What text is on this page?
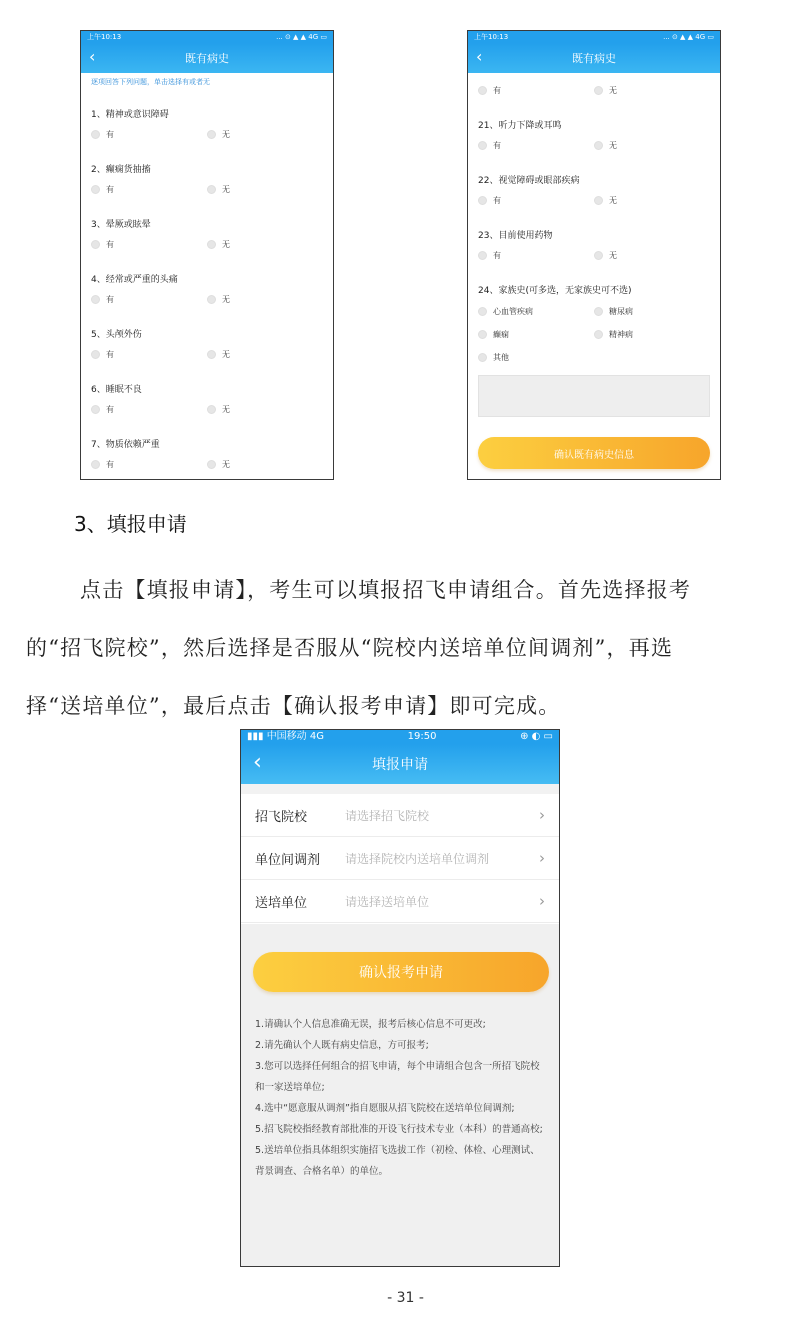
上午10:13	... ⊙ ▲ ▲ 4G ▭
‹	既有病史
逐项回答下列问题，单击选择有或者无
1、精神或意识障碍
有	无
2、癫痫货抽搐
有	无
3、晕厥或眩晕
有	无
4、经常或严重的头痛
有	无
5、头颅外伤
有	无
6、睡眠不良
有	无
7、物质依赖严重
有	无
上午10:13	... ⊙ ▲ ▲ 4G ▭
‹	既有病史
有	无
21、听力下降或耳鸣
有	无
22、视觉障碍或眼部疾病
有	无
23、目前使用药物
有	无
24、家族史(可多选，无家族史可不选)
心血管疾病	糖尿病
癫痫	精神病
其他
确认既有病史信息
3、填报申请
点击【填报申请】，考生可以填报招飞申请组合。首先选择报考
的“招飞院校”，然后选择是否服从“院校内送培单位间调剂”，再选
择“送培单位”，最后点击【确认报考申请】即可完成。
▮▮▮ 中国移动 4G	19:50	⊕ ◐ ▭
‹	填报申请
招飞院校	请选择招飞院校	›
单位间调剂	请选择院校内送培单位调剂	›
送培单位	请选择送培单位	›
确认报考申请
1.请确认个人信息准确无误，报考后核心信息不可更改;
2.请先确认个人既有病史信息，方可报考;
3.您可以选择任何组合的招飞申请，每个申请组合包含一所招飞院校和一家送培单位;
4.选中“愿意服从调剂”指自愿服从招飞院校在送培单位间调剂;
5.招飞院校指经教育部批准的开设飞行技术专业（本科）的普通高校;
5.送培单位指具体组织实施招飞选拔工作（初检、体检、心理测试、背景调查、合格名单）的单位。
- 31 -
